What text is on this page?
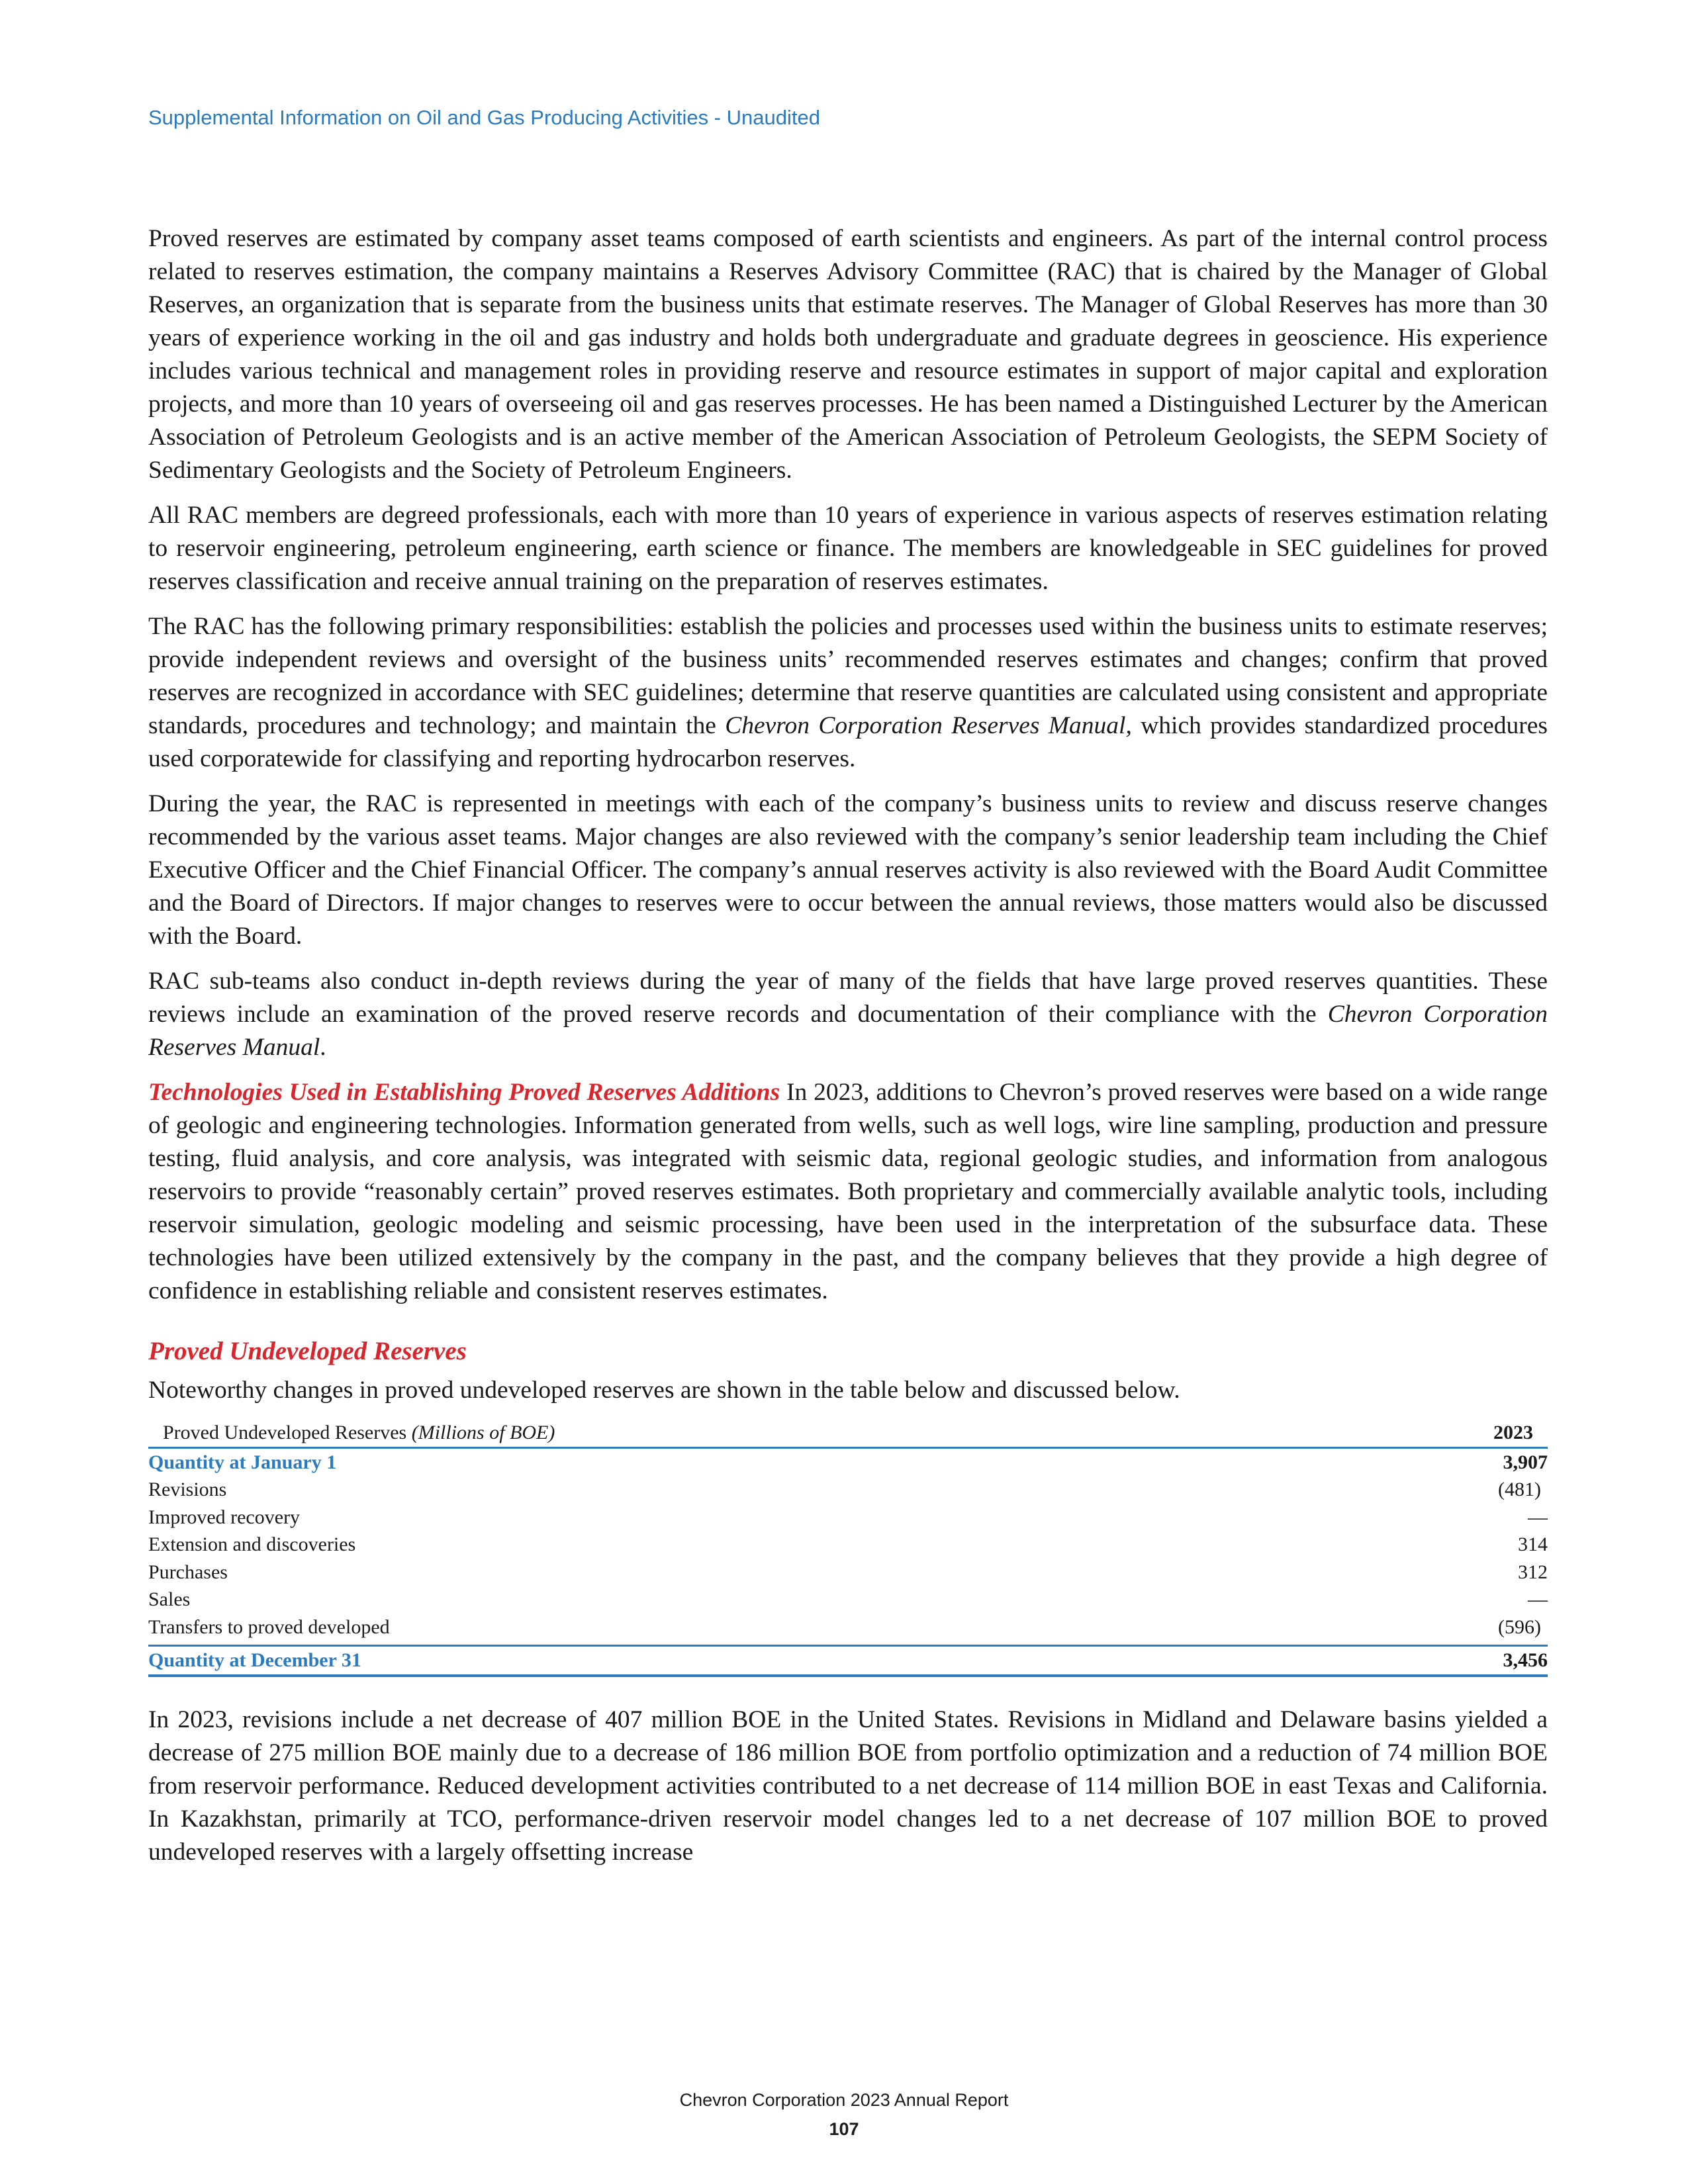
Supplemental Information on Oil and Gas Producing Activities - Unaudited

Proved reserves are estimated by company asset teams composed of earth scientists and engineers. As part of the internal control process related to reserves estimation, the company maintains a Reserves Advisory Committee (RAC) that is chaired by the Manager of Global Reserves, an organization that is separate from the business units that estimate reserves. The Manager of Global Reserves has more than 30 years of experience working in the oil and gas industry and holds both undergraduate and graduate degrees in geoscience. His experience includes various technical and management roles in providing reserve and resource estimates in support of major capital and exploration projects, and more than 10 years of overseeing oil and gas reserves processes. He has been named a Distinguished Lecturer by the American Association of Petroleum Geologists and is an active member of the American Association of Petroleum Geologists, the SEPM Society of Sedimentary Geologists and the Society of Petroleum Engineers.

All RAC members are degreed professionals, each with more than 10 years of experience in various aspects of reserves estimation relating to reservoir engineering, petroleum engineering, earth science or finance. The members are knowledgeable in SEC guidelines for proved reserves classification and receive annual training on the preparation of reserves estimates.

The RAC has the following primary responsibilities: establish the policies and processes used within the business units to estimate reserves; provide independent reviews and oversight of the business units’ recommended reserves estimates and changes; confirm that proved reserves are recognized in accordance with SEC guidelines; determine that reserve quantities are calculated using consistent and appropriate standards, procedures and technology; and maintain the Chevron Corporation Reserves Manual, which provides standardized procedures used corporatewide for classifying and reporting hydrocarbon reserves.

During the year, the RAC is represented in meetings with each of the company’s business units to review and discuss reserve changes recommended by the various asset teams. Major changes are also reviewed with the company’s senior leadership team including the Chief Executive Officer and the Chief Financial Officer. The company’s annual reserves activity is also reviewed with the Board Audit Committee and the Board of Directors. If major changes to reserves were to occur between the annual reviews, those matters would also be discussed with the Board.

RAC sub-teams also conduct in-depth reviews during the year of many of the fields that have large proved reserves quantities. These reviews include an examination of the proved reserve records and documentation of their compliance with the Chevron Corporation Reserves Manual.

Technologies Used in Establishing Proved Reserves Additions In 2023, additions to Chevron’s proved reserves were based on a wide range of geologic and engineering technologies. Information generated from wells, such as well logs, wire line sampling, production and pressure testing, fluid analysis, and core analysis, was integrated with seismic data, regional geologic studies, and information from analogous reservoirs to provide “reasonably certain” proved reserves estimates. Both proprietary and commercially available analytic tools, including reservoir simulation, geologic modeling and seismic processing, have been used in the interpretation of the subsurface data. These technologies have been utilized extensively by the company in the past, and the company believes that they provide a high degree of confidence in establishing reliable and consistent reserves estimates.

Proved Undeveloped Reserves

Noteworthy changes in proved undeveloped reserves are shown in the table below and discussed below.

Proved Undeveloped Reserves (Millions of BOE)	2023
Quantity at January 1	3,907
Revisions	(481)
Improved recovery	—
Extension and discoveries	314
Purchases	312
Sales	—
Transfers to proved developed	(596)
Quantity at December 31	3,456

In 2023, revisions include a net decrease of 407 million BOE in the United States. Revisions in Midland and Delaware basins yielded a decrease of 275 million BOE mainly due to a decrease of 186 million BOE from portfolio optimization and a reduction of 74 million BOE from reservoir performance. Reduced development activities contributed to a net decrease of 114 million BOE in east Texas and California. In Kazakhstan, primarily at TCO, performance-driven reservoir model changes led to a net decrease of 107 million BOE to proved undeveloped reserves with a largely offsetting increase

Chevron Corporation 2023 Annual Report
107
